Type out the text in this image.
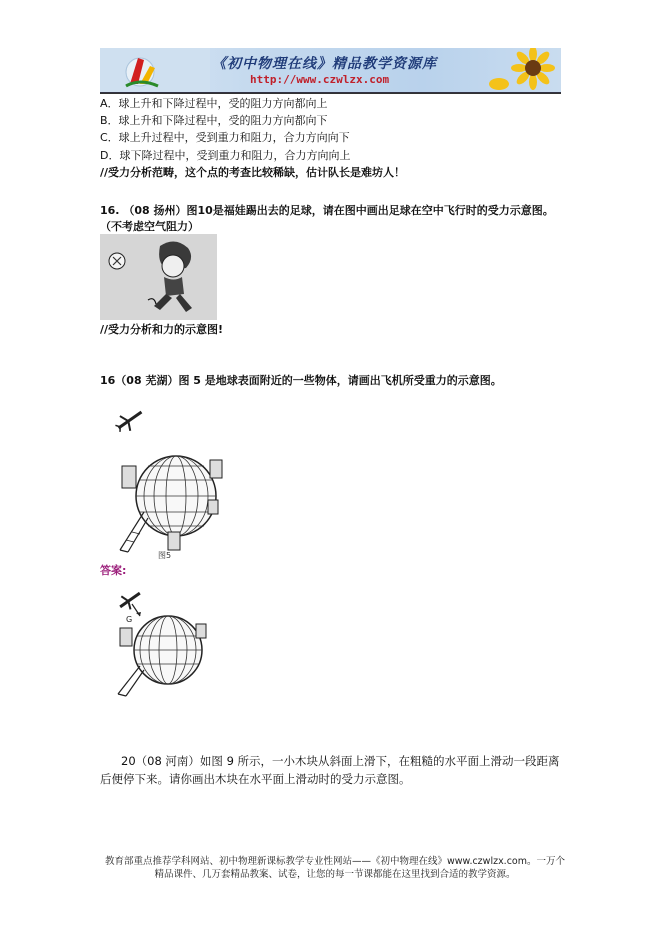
《初中物理在线》精品教学资源库
http://www.czwlzx.com
A．球上升和下降过程中，受的阻力方向都向上
B．球上升和下降过程中，受的阻力方向都向下
C．球上升过程中，受到重力和阻力，合力方向向下
D．球下降过程中，受到重力和阻力，合力方向向上
//受力分析范畴，这个点的考查比较稀缺，估计队长是难坊人！
16. （08 扬州）图10是福娃踢出去的足球，请在图中画出足球在空中飞行时的受力示意图。
（不考虑空气阻力）
//受力分析和力的示意图!
16（08 芜湖）图 5 是地球表面附近的一些物体，请画出飞机所受重力的示意图。
图5
答案:
G
20（08 河南）如图 9 所示，一小木块从斜面上滑下，在粗糙的水平面上滑动一段距离
后便停下来。请你画出木块在水平面上滑动时的受力示意图。
教育部重点推荐学科网站、初中物理新课标教学专业性网站——《初中物理在线》www.czwlzx.com。一万个
精品课件、几万套精品教案、试卷，让您的每一节课都能在这里找到合适的教学资源。
